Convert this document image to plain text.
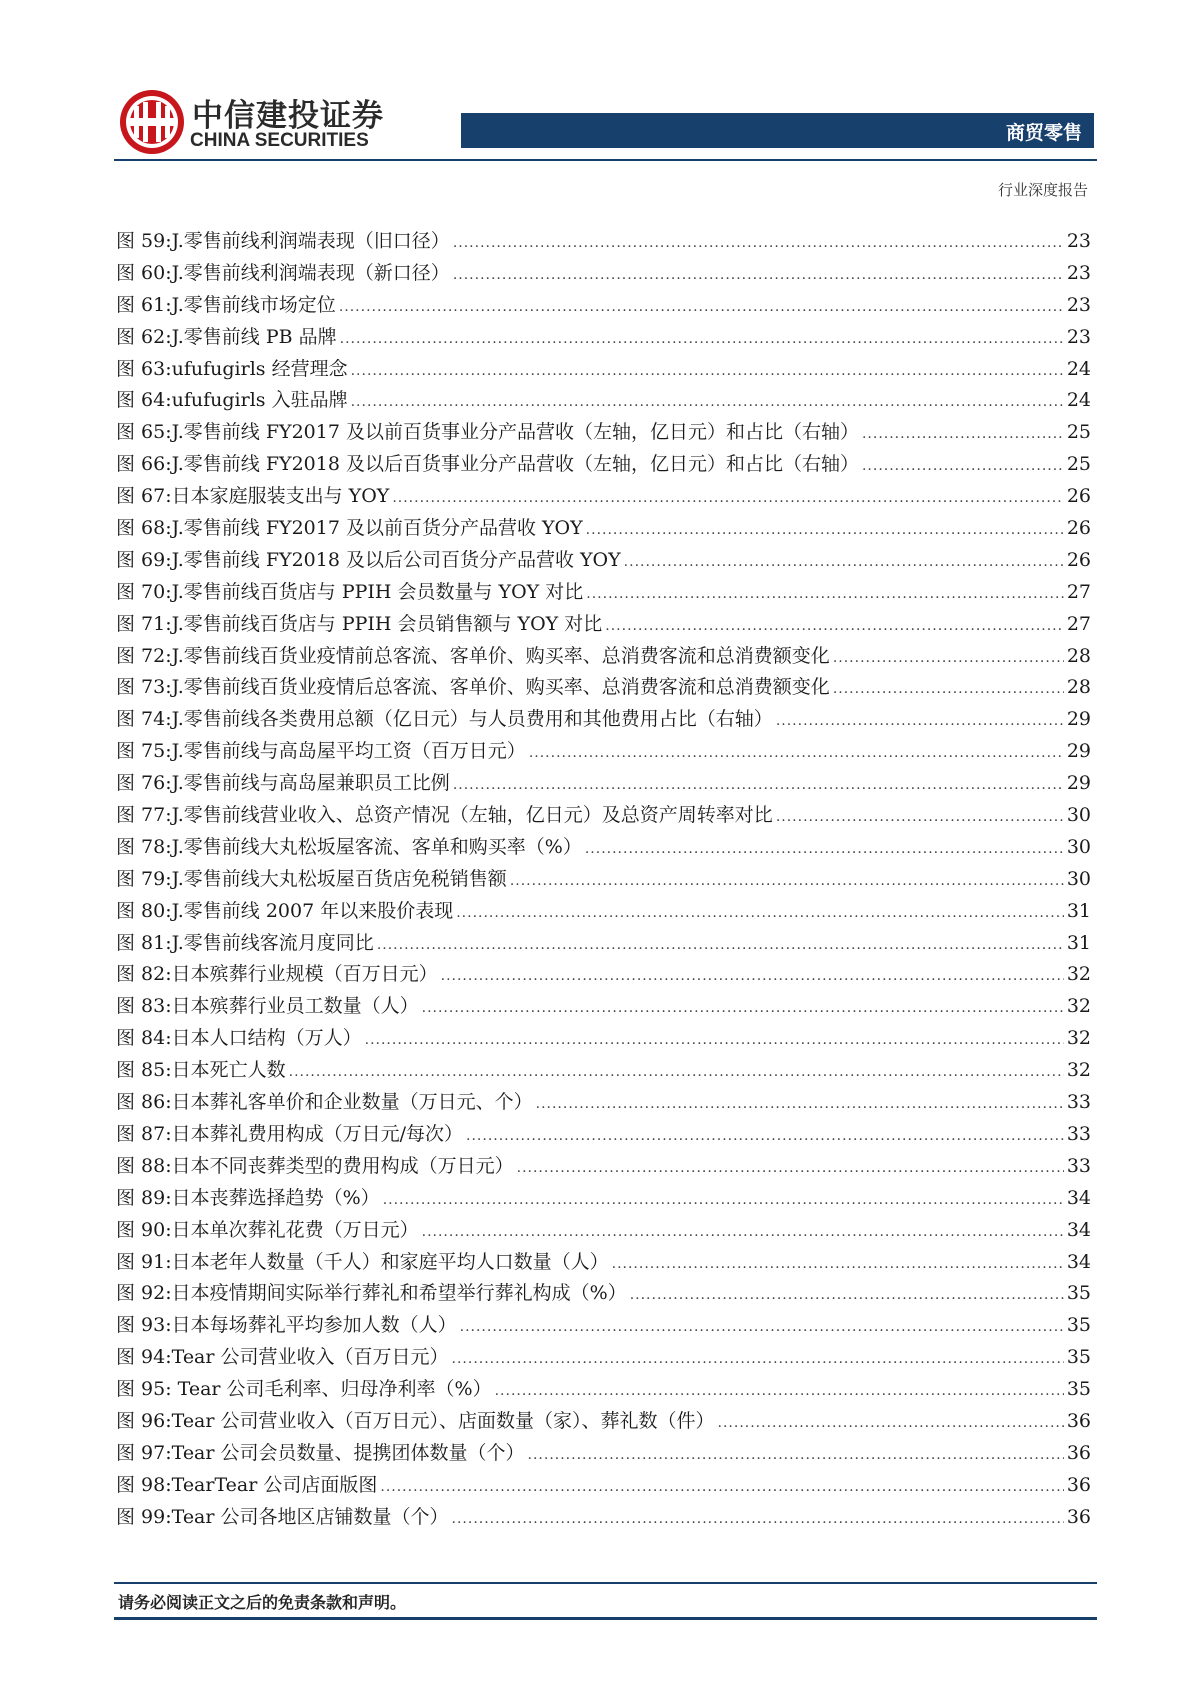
中信建投证券
CHINA SECURITIES	商贸零售
行业深度报告
图 59:J.零售前线利润端表现（旧口径） .....	23
图 60:J.零售前线利润端表现（新口径） .....	23
图 61:J.零售前线市场定位 .....	23
图 62:J.零售前线 PB 品牌 .....	23
图 63:ufufugirls 经营理念 .....	24
图 64:ufufugirls 入驻品牌 .....	24
图 65:J.零售前线 FY2017 及以前百货事业分产品营收（左轴，亿日元）和占比（右轴） .....	25
图 66:J.零售前线 FY2018 及以后百货事业分产品营收（左轴，亿日元）和占比（右轴） .....	25
图 67:日本家庭服装支出与 YOY .....	26
图 68:J.零售前线 FY2017 及以前百货分产品营收 YOY .....	26
图 69:J.零售前线 FY2018 及以后公司百货分产品营收 YOY .....	26
图 70:J.零售前线百货店与 PPIH 会员数量与 YOY 对比 .....	27
图 71:J.零售前线百货店与 PPIH 会员销售额与 YOY 对比 .....	27
图 72:J.零售前线百货业疫情前总客流、客单价、购买率、总消费客流和总消费额变化 .....	28
图 73:J.零售前线百货业疫情后总客流、客单价、购买率、总消费客流和总消费额变化 .....	28
图 74:J.零售前线各类费用总额（亿日元）与人员费用和其他费用占比（右轴） .....	29
图 75:J.零售前线与高岛屋平均工资（百万日元） .....	29
图 76:J.零售前线与高岛屋兼职员工比例 .....	29
图 77:J.零售前线营业收入、总资产情况（左轴，亿日元）及总资产周转率对比 .....	30
图 78:J.零售前线大丸松坂屋客流、客单和购买率（%） .....	30
图 79:J.零售前线大丸松坂屋百货店免税销售额 .....	30
图 80:J.零售前线 2007 年以来股价表现 .....	31
图 81:J.零售前线客流月度同比 .....	31
图 82:日本殡葬行业规模（百万日元） .....	32
图 83:日本殡葬行业员工数量（人） .....	32
图 84:日本人口结构（万人） .....	32
图 85:日本死亡人数 .....	32
图 86:日本葬礼客单价和企业数量（万日元、个） .....	33
图 87:日本葬礼费用构成（万日元/每次） .....	33
图 88:日本不同丧葬类型的费用构成（万日元） .....	33
图 89:日本丧葬选择趋势（%） .....	34
图 90:日本单次葬礼花费（万日元） .....	34
图 91:日本老年人数量（千人）和家庭平均人口数量（人） .....	34
图 92:日本疫情期间实际举行葬礼和希望举行葬礼构成（%） .....	35
图 93:日本每场葬礼平均参加人数（人） .....	35
图 94:Tear 公司营业收入（百万日元） .....	35
图 95: Tear 公司毛利率、归母净利率（%） .....	35
图 96:Tear 公司营业收入（百万日元）、店面数量（家）、葬礼数（件） .....	36
图 97:Tear 公司会员数量、提携团体数量（个） .....	36
图 98:TearTear 公司店面版图 .....	36
图 99:Tear 公司各地区店铺数量（个） .....	36
请务必阅读正文之后的免责条款和声明。
